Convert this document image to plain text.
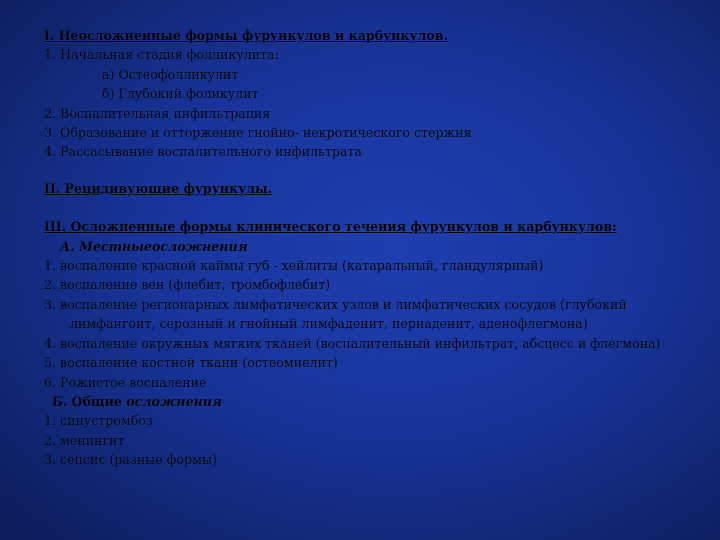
I. Неосложненные формы фурункулов и карбункулов.
1. Начальная стадия фолликулита:
а) Остеофолликулит
б) Глубокий фоликулит
2. Воспалительная инфильтрация
3. Образование и отторжение гнойно- некротического стержня
4. Рассасывание воспалительного инфильтрата
II. Рецидивующие фурункулы.
III. Осложненные формы клинического течения фурункулов и карбункулов:
А. Местныеосложнения
1. воспаление красной каймы губ - хейлиты (катаральный, гландулярный)
2. воспаление вен (флебит, тромбофлебит)
3. воспаление регионарных лимфатических узлов и лимфатических сосудов (глубокий лимфангоит, серозный и гнойный лимфаденит, периаденит, аденофлегмона)
4. воспаление окружных мягких тканей (воспалительный инфильтрат, абсцесс и флегмона)
5. воспаление костной ткани (остеомиелит)
6. Рожистое воспаление
Б. Общие осложнения
1. синустромбоз
2. менингит
3. сепсис (разные формы)
